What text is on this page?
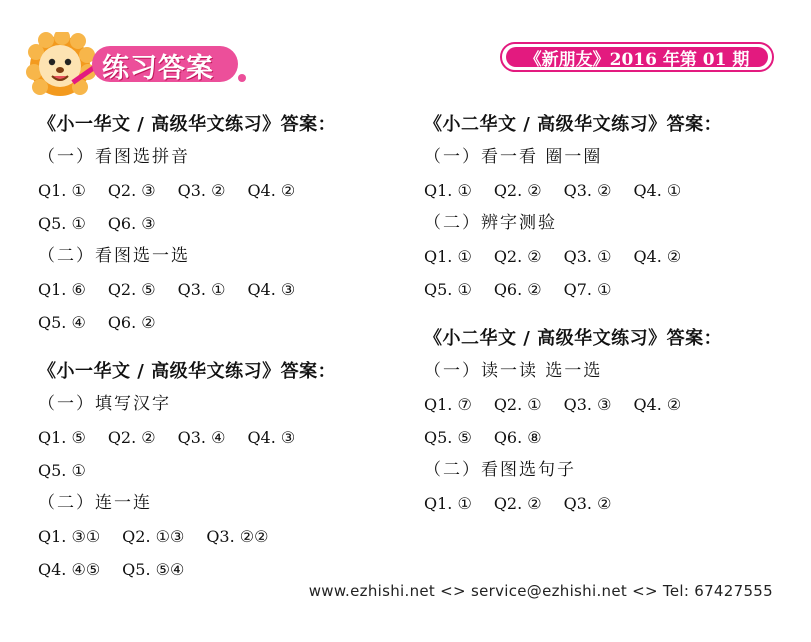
练习答案	《新朋友》2016 年第 01 期
《小一华文 / 高级华文练习》答案：
（一）看图选拼音
Q1. ① Q2. ③ Q3. ② Q4. ②
Q5. ① Q6. ③
（二）看图选一选
Q1. ⑥ Q2. ⑤ Q3. ① Q4. ③
Q5. ④ Q6. ②
《小一华文 / 高级华文练习》答案：
（一）填写汉字
Q1. ⑤ Q2. ② Q3. ④ Q4. ③
Q5. ①
（二）连一连
Q1. ③① Q2. ①③ Q3. ②②
Q4. ④⑤ Q5. ⑤④
《小二华文 / 高级华文练习》答案：
（一）看一看 圈一圈
Q1. ① Q2. ② Q3. ② Q4. ①
（二）辨字测验
Q1. ① Q2. ② Q3. ① Q4. ②
Q5. ① Q6. ② Q7. ①
《小二华文 / 高级华文练习》答案：
（一）读一读 选一选
Q1. ⑦ Q2. ① Q3. ③ Q4. ②
Q5. ⑤ Q6. ⑧
（二）看图选句子
Q1. ① Q2. ② Q3. ②
www.ezhishi.net <> service@ezhishi.net <> Tel: 67427555
